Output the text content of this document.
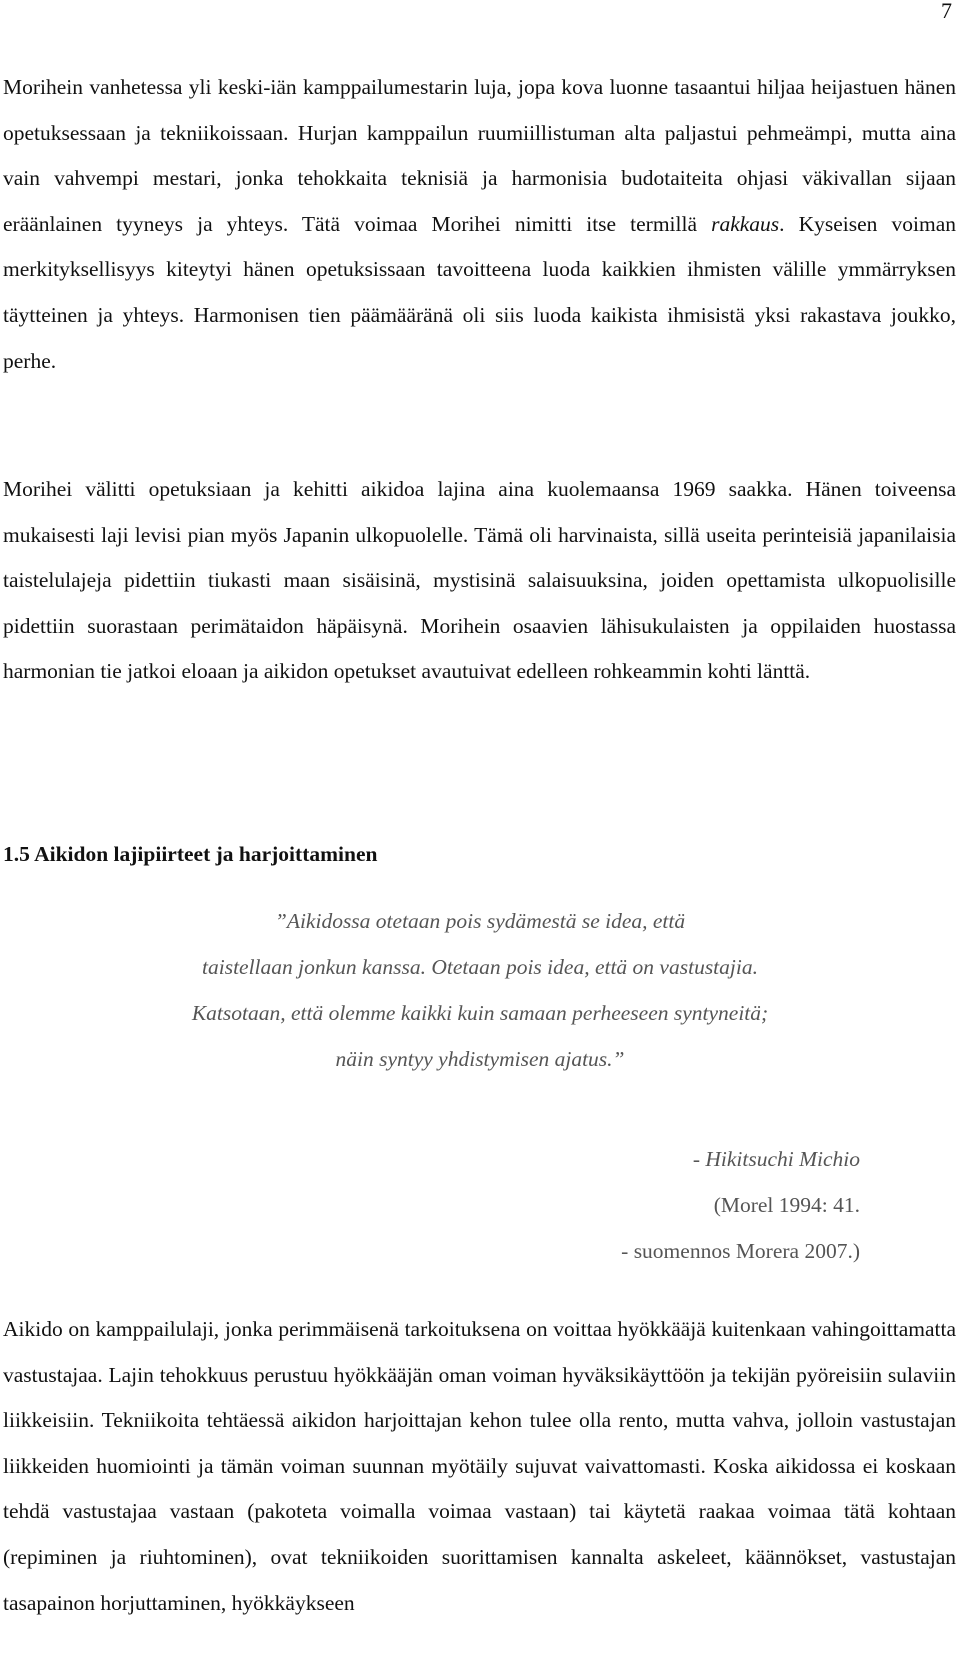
7

Morihein vanhetessa yli keski-iän kamppailumestarin luja, jopa kova luonne tasaantui hiljaa heijastuen hänen opetuksessaan ja tekniikoissaan. Hurjan kamppailun ruumiillistuman alta paljastui pehmeämpi, mutta aina vain vahvempi mestari, jonka tehokkaita teknisiä ja harmonisia budotaiteita ohjasi väkivallan sijaan eräänlainen tyyneys ja yhteys. Tätä voimaa Morihei nimitti itse termillä rakkaus. Kyseisen voiman merkityksellisyys kiteytyi hänen opetuksissaan tavoitteena luoda kaikkien ihmisten välille ymmärryksen täytteinen ja yhteys. Harmonisen tien päämääränä oli siis luoda kaikista ihmisistä yksi rakastava joukko, perhe.

Morihei välitti opetuksiaan ja kehitti aikidoa lajina aina kuolemaansa 1969 saakka. Hänen toiveensa mukaisesti laji levisi pian myös Japanin ulkopuolelle. Tämä oli harvinaista, sillä useita perinteisiä japanilaisia taistelulajeja pidettiin tiukasti maan sisäisinä, mystisinä salaisuuksina, joiden opettamista ulkopuolisille pidettiin suorastaan perimätaidon häpäisynä. Morihein osaavien lähisukulaisten ja oppilaiden huostassa harmonian tie jatkoi eloaan ja aikidon opetukset avautuivat edelleen rohkeammin kohti länttä.

1.5 Aikidon lajipiirteet ja harjoittaminen
”Aikidossa otetaan pois sydämestä se idea, että
taistellaan jonkun kanssa. Otetaan pois idea, että on vastustajia.
Katsotaan, että olemme kaikki kuin samaan perheeseen syntyneitä;
näin syntyy yhdistymisen ajatus.”
- Hikitsuchi Michio
(Morel 1994: 41.
- suomennos Morera 2007.)

Aikido on kamppailulaji, jonka perimmäisenä tarkoituksena on voittaa hyökkääjä kuitenkaan vahingoittamatta vastustajaa. Lajin tehokkuus perustuu hyökkääjän oman voiman hyväksikäyttöön ja tekijän pyöreisiin sulaviin liikkeisiin. Tekniikoita tehtäessä aikidon harjoittajan kehon tulee olla rento, mutta vahva, jolloin vastustajan liikkeiden huomiointi ja tämän voiman suunnan myötäily sujuvat vaivattomasti. Koska aikidossa ei koskaan tehdä vastustajaa vastaan (pakoteta voimalla voimaa vastaan) tai käytetä raakaa voimaa tätä kohtaan (repiminen ja riuhtominen), ovat tekniikoiden suorittamisen kannalta askeleet, käännökset, vastustajan tasapainon horjuttaminen, hyökkäykseen
